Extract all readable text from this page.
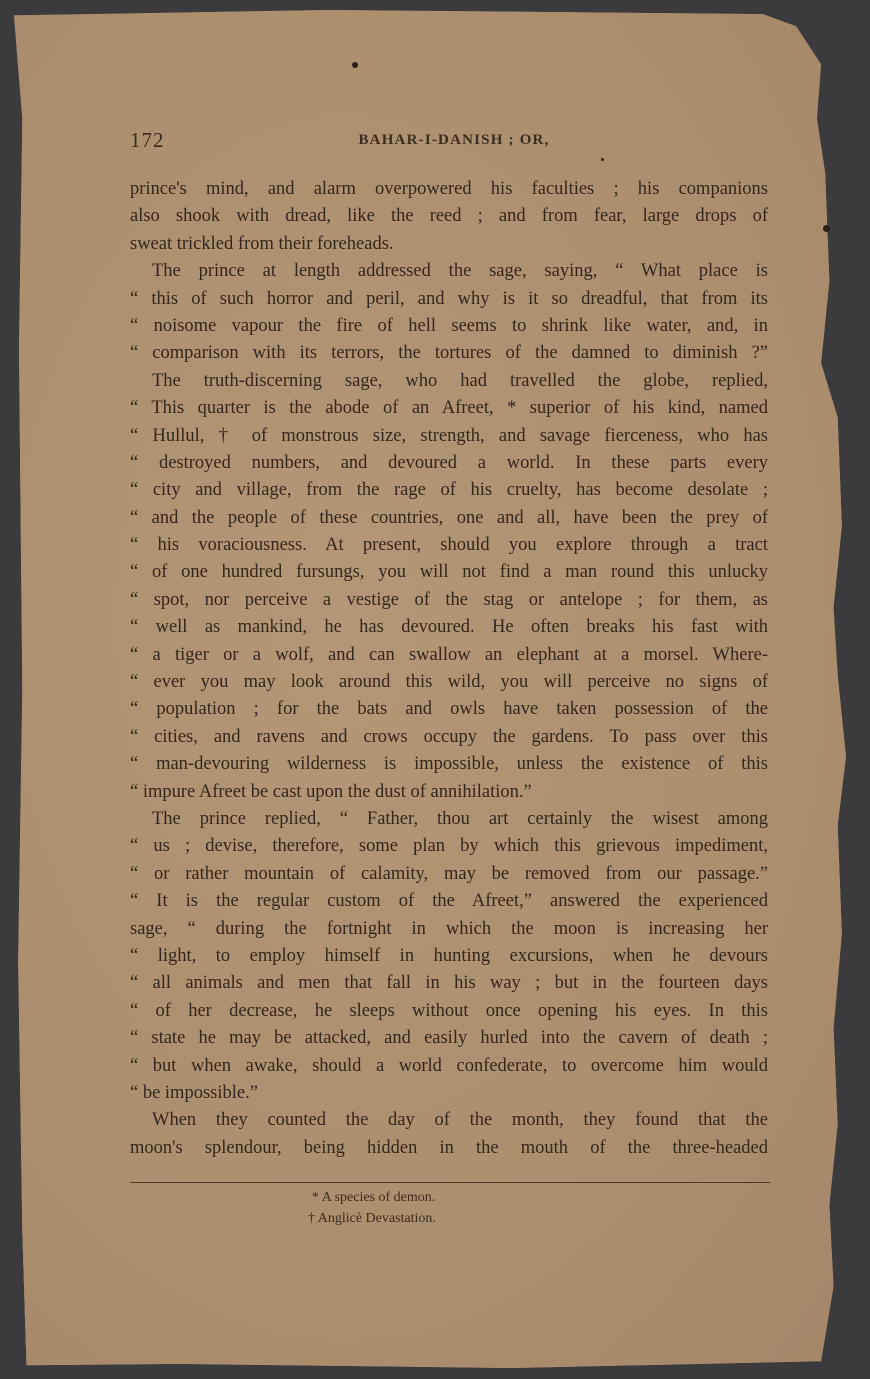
172	BAHAR-I-DANISH ; OR,
prince's mind, and alarm overpowered his faculties ; his companions
also shook with dread, like the reed ; and from fear, large drops of
sweat trickled from their foreheads.
The prince at length addressed the sage, saying, “ What place is
“ this of such horror and peril, and why is it so dreadful, that from its
“ noisome vapour the fire of hell seems to shrink like water, and, in
“ comparison with its terrors, the tortures of the damned to diminish ?”
The truth-discerning sage, who had travelled the globe, replied,
“ This quarter is the abode of an Afreet, * superior of his kind, named
“ Hullul, † of monstrous size, strength, and savage fierceness, who has
“ destroyed numbers, and devoured a world. In these parts every
“ city and village, from the rage of his cruelty, has become desolate ;
“ and the people of these countries, one and all, have been the prey of
“ his voraciousness. At present, should you explore through a tract
“ of one hundred fursungs, you will not find a man round this unlucky
“ spot, nor perceive a vestige of the stag or antelope ; for them, as
“ well as mankind, he has devoured. He often breaks his fast with
“ a tiger or a wolf, and can swallow an elephant at a morsel. Where-
“ ever you may look around this wild, you will perceive no signs of
“ population ; for the bats and owls have taken possession of the
“ cities, and ravens and crows occupy the gardens. To pass over this
“ man-devouring wilderness is impossible, unless the existence of this
“ impure Afreet be cast upon the dust of annihilation.”
The prince replied, “ Father, thou art certainly the wisest among
“ us ; devise, therefore, some plan by which this grievous impediment,
“ or rather mountain of calamity, may be removed from our passage.”
“ It is the regular custom of the Afreet,” answered the experienced
sage, “ during the fortnight in which the moon is increasing her
“ light, to employ himself in hunting excursions, when he devours
“ all animals and men that fall in his way ; but in the fourteen days
“ of her decrease, he sleeps without once opening his eyes. In this
“ state he may be attacked, and easily hurled into the cavern of death ;
“ but when awake, should a world confederate, to overcome him would
“ be impossible.”
When they counted the day of the month, they found that the
moon's splendour, being hidden in the mouth of the three-headed
* A species of demon.
† Anglicè Devastation.
